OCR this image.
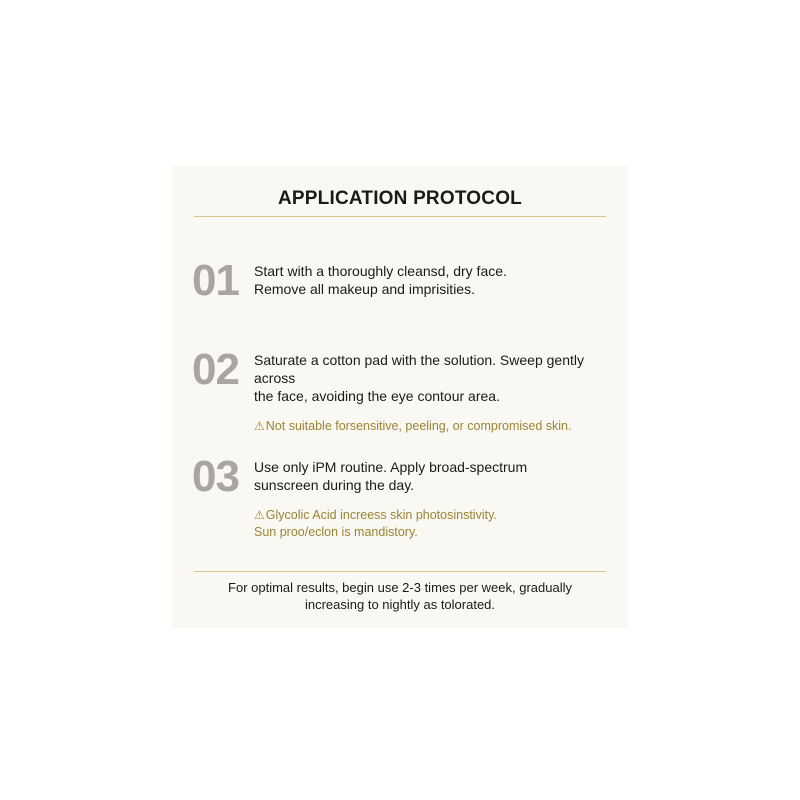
APPLICATION PROTOCOL
01	Start with a thoroughly cleansd, dry face.
Remove all makeup and imprisities.

02	Saturate a cotton pad with the solution. Sweep gently across
the face, avoiding the eye contour area.

⚠Not suitable forsensitive, peeling, or compromised skin.
03	Use only iPM routine. Apply broad-spectrum
sunscreen during the day.

⚠Glycolic Acid increess skin photosinstivity.
Sun proo/eclon is mandistory.
For optimal results, begin use 2-3 times per week, gradually
increasing to nightly as tolorated.
